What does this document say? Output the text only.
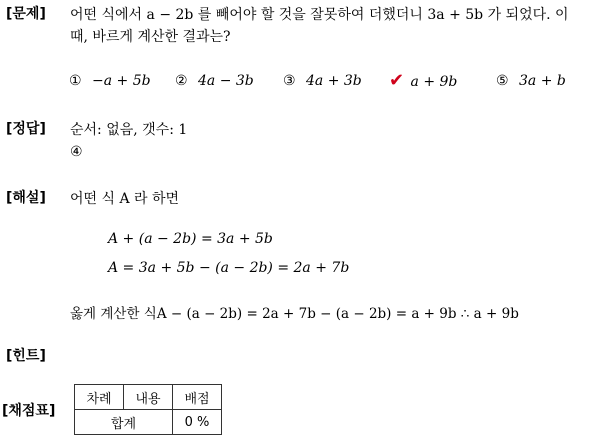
[문제] 어떤 식에서 a − 2b 를 빼어야 할 것을 잘못하여 더했더니 3a + 5b 가 되었다. 이
때, 바르게 계산한 결과는?
① −a + 5b ② 4a − 3b ③ 4a + 3b ✔ a + 9b	⑤ 3a + b
[정답] 순서: 없음, 갯수: 1
④
[해설] 어떤 식 A 라 하면
A + (a − 2b) = 3a + 5b
A = 3a + 5b − (a − 2b) = 2a + 7b
옳게 계산한 식A − (a − 2b) = 2a + 7b − (a − 2b) = a + 9b ∴ a + 9b
[힌트]
[채점표]
차례	내용	배점
합계		0 %
